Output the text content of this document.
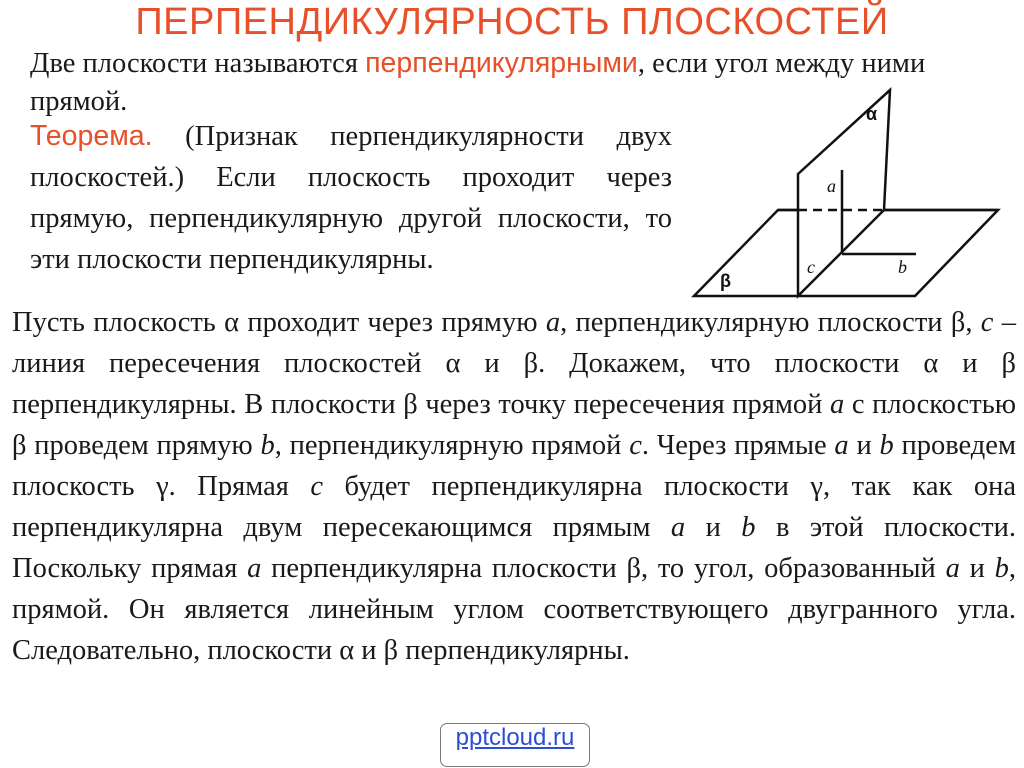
ПЕРПЕНДИКУЛЯРНОСТЬ ПЛОСКОСТЕЙ
Две плоскости называются перпендикулярными, если угол между ними прямой.
Теорема. (Признак перпендикулярности двух плоскостей.) Если плоскость проходит через прямую, перпендикулярную другой плоскости, то эти плоскости перпендикулярны.
α
a
c	b
β
Пусть плоскость α проходит через прямую a, перпендикулярную плоскости β, c – линия пересечения плоскостей α и β. Докажем, что плоскости α и β перпендикулярны. В плоскости β через точку пересечения прямой a с плоскостью β проведем прямую b, перпендикулярную прямой c. Через прямые a и b проведем плоскость γ. Прямая c будет перпендикулярна плоскости γ, так как она перпендикулярна двум пересекающимся прямым a и b в этой плоскости. Поскольку прямая a перпендикулярна плоскости β, то угол, образованный a и b, прямой. Он является линейным углом соответствующего двугранного угла. Следовательно, плоскости α и β перпендикулярны.
pptcloud.ru
